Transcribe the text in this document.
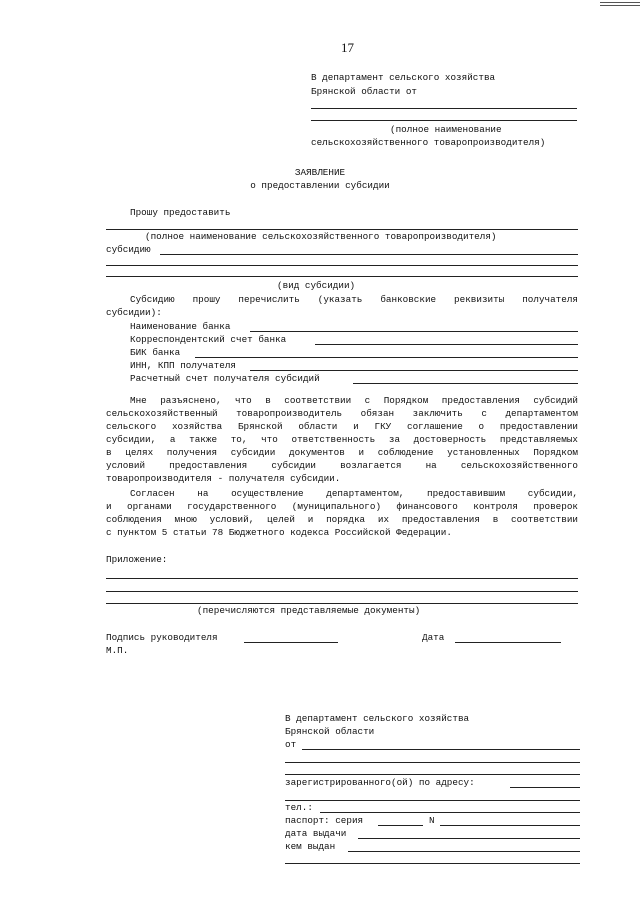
17
В департамент сельского хозяйства
Брянской области от
(полное наименование
сельскохозяйственного товаропроизводителя)
ЗАЯВЛЕНИЕ
о предоставлении субсидии
Прошу предоставить
(полное наименование сельскохозяйственного товаропроизводителя)
субсидию
(вид субсидии)
Субсидию прошу перечислить (указать банковские реквизиты получателя
субсидии):
Наименование банка
Корреспондентский счет банка
БИК банка
ИНН, КПП получателя
Расчетный счет получателя субсидий
Мне разъяснено, что в соответствии с Порядком предоставления субсидий
сельскохозяйственный товаропроизводитель обязан заключить с департаментом
сельского хозяйства Брянской области и ГКУ соглашение о предоставлении
субсидии, а также то, что ответственность за достоверность представляемых
в целях получения субсидии документов и соблюдение установленных Порядком
условий предоставления субсидии возлагается на сельскохозяйственного
товаропроизводителя - получателя субсидии.
Согласен на осуществление департаментом, предоставившим субсидии,
и органами государственного (муниципального) финансового контроля проверок
соблюдения мною условий, целей и порядка их предоставления в соответствии
с пунктом 5 статьи 78 Бюджетного кодекса Российской Федерации.
Приложение:
(перечисляются представляемые документы)
Подпись руководителя	Дата
М.П.
В департамент сельского хозяйства
Брянской области
от
зарегистрированного(ой) по адресу:
тел.:
паспорт: серия	N
дата выдачи
кем выдан
